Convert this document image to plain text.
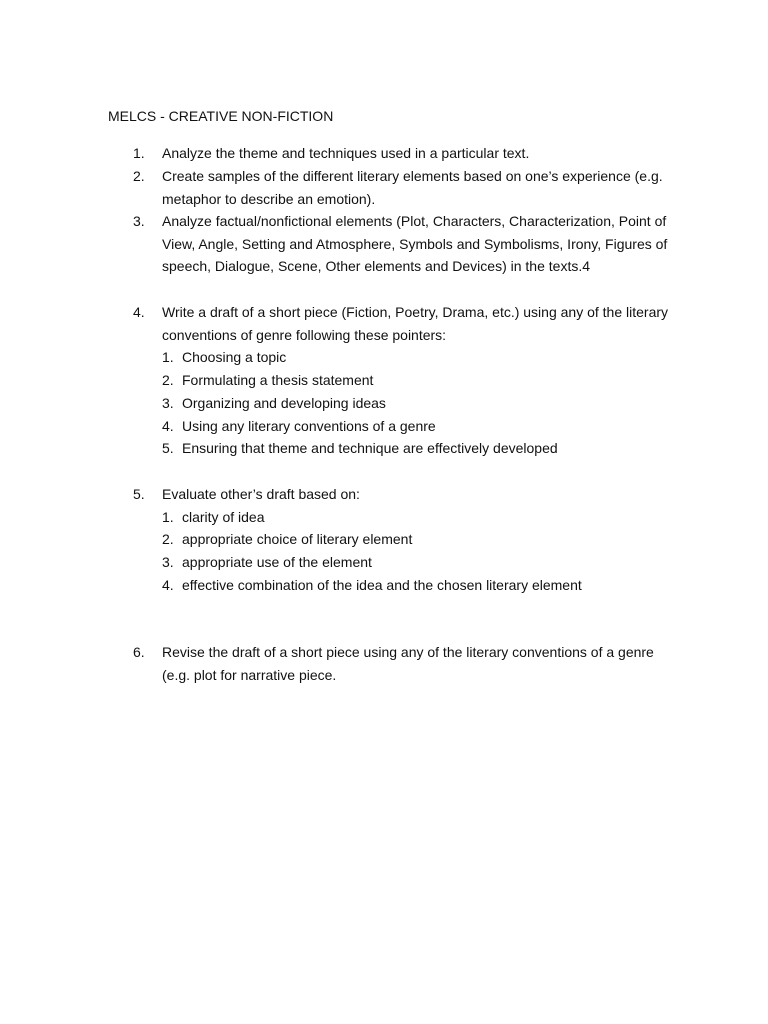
MELCS - CREATIVE NON-FICTION
1. Analyze the theme and techniques used in a particular text.
2. Create samples of the different literary elements based on one’s experience (e.g. metaphor to describe an emotion).
3. Analyze factual/nonfictional elements (Plot, Characters, Characterization, Point of View, Angle, Setting and Atmosphere, Symbols and Symbolisms, Irony, Figures of speech, Dialogue, Scene, Other elements and Devices) in the texts.4
4. Write a draft of a short piece (Fiction, Poetry, Drama, etc.) using any of the literary conventions of genre following these pointers:
1. Choosing a topic
2. Formulating a thesis statement
3. Organizing and developing ideas
4. Using any literary conventions of a genre
5. Ensuring that theme and technique are effectively developed
5. Evaluate other’s draft based on:
1. clarity of idea
2. appropriate choice of literary element
3. appropriate use of the element
4. effective combination of the idea and the chosen literary element
6. Revise the draft of a short piece using any of the literary conventions of a genre (e.g. plot for narrative piece.
